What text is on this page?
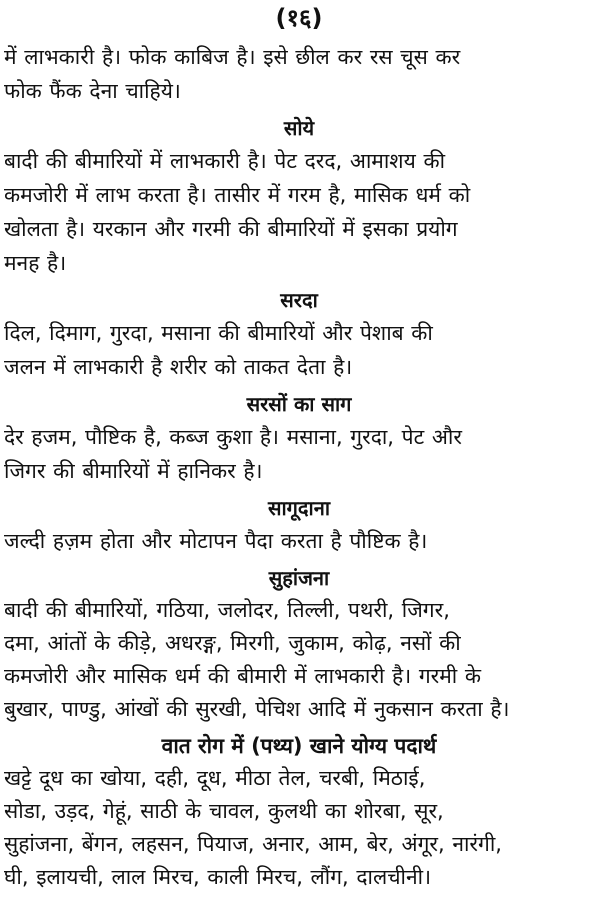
(१६)

में लाभकारी है। फोक काबिज है। इसे छील कर रस चूस कर

फोक फैंक देना चाहिये।

सोये

बादी की बीमारियों में लाभकारी है। पेट दरद, आमाशय की

कमजोरी में लाभ करता है। तासीर में गरम है, मासिक धर्म को

खोलता है। यरकान और गरमी की बीमारियों में इसका प्रयोग

मनह है।

सरदा

दिल, दिमाग, गुरदा, मसाना की बीमारियों और पेशाब की

जलन में लाभकारी है शरीर को ताकत देता है।

सरसों का साग

देर हजम, पौष्टिक है, कब्ज कुशा है। मसाना, गुरदा, पेट और

जिगर की बीमारियों में हानिकर है।

सागूदाना

जल्दी हज़म होता और मोटापन पैदा करता है पौष्टिक है।

सुहांजना

बादी की बीमारियों, गठिया, जलोदर, तिल्ली, पथरी, जिगर,

दमा, आंतों के कीड़े, अधरङ्ग, मिरगी, जुकाम, कोढ़, नसों की

कमजोरी और मासिक धर्म की बीमारी में लाभकारी है। गरमी के

बुखार, पाण्डु, आंखों की सुरखी, पेचिश आदि में नुकसान करता है।

वात रोग में (पथ्य) खाने योग्य पदार्थ

खट्टे दूध का खोया, दही, दूध, मीठा तेल, चरबी, मिठाई,

सोडा, उड़द, गेहूं, साठी के चावल, कुलथी का शोरबा, सूर,

सुहांजना, बेंगन, लहसन, पियाज, अनार, आम, बेर, अंगूर, नारंगी,

घी, इलायची, लाल मिरच, काली मिरच, लौंग, दालचीनी।
